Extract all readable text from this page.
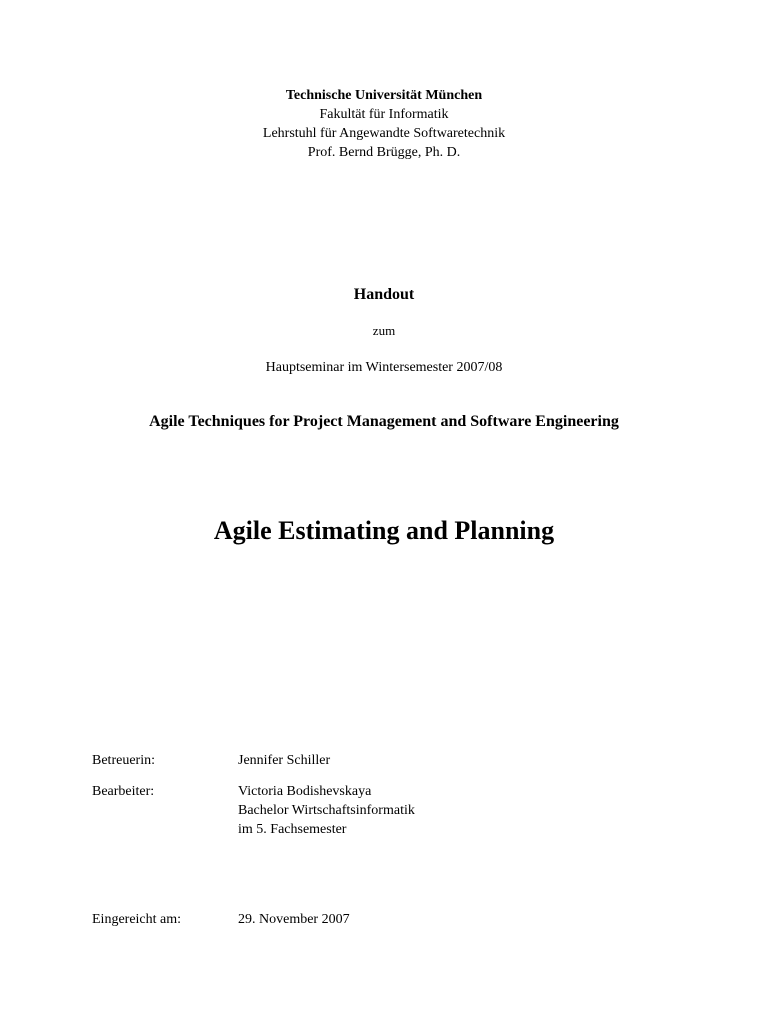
Technische Universität München
Fakultät für Informatik
Lehrstuhl für Angewandte Softwaretechnik
Prof. Bernd Brügge, Ph. D.
Handout
zum
Hauptseminar im Wintersemester 2007/08
Agile Techniques for Project Management and Software Engineering
Agile Estimating and Planning
Betreuerin:	Jennifer Schiller
Bearbeiter:	Victoria Bodishevskaya
Bachelor Wirtschaftsinformatik
im 5. Fachsemester
Eingereicht am:	29. November 2007
